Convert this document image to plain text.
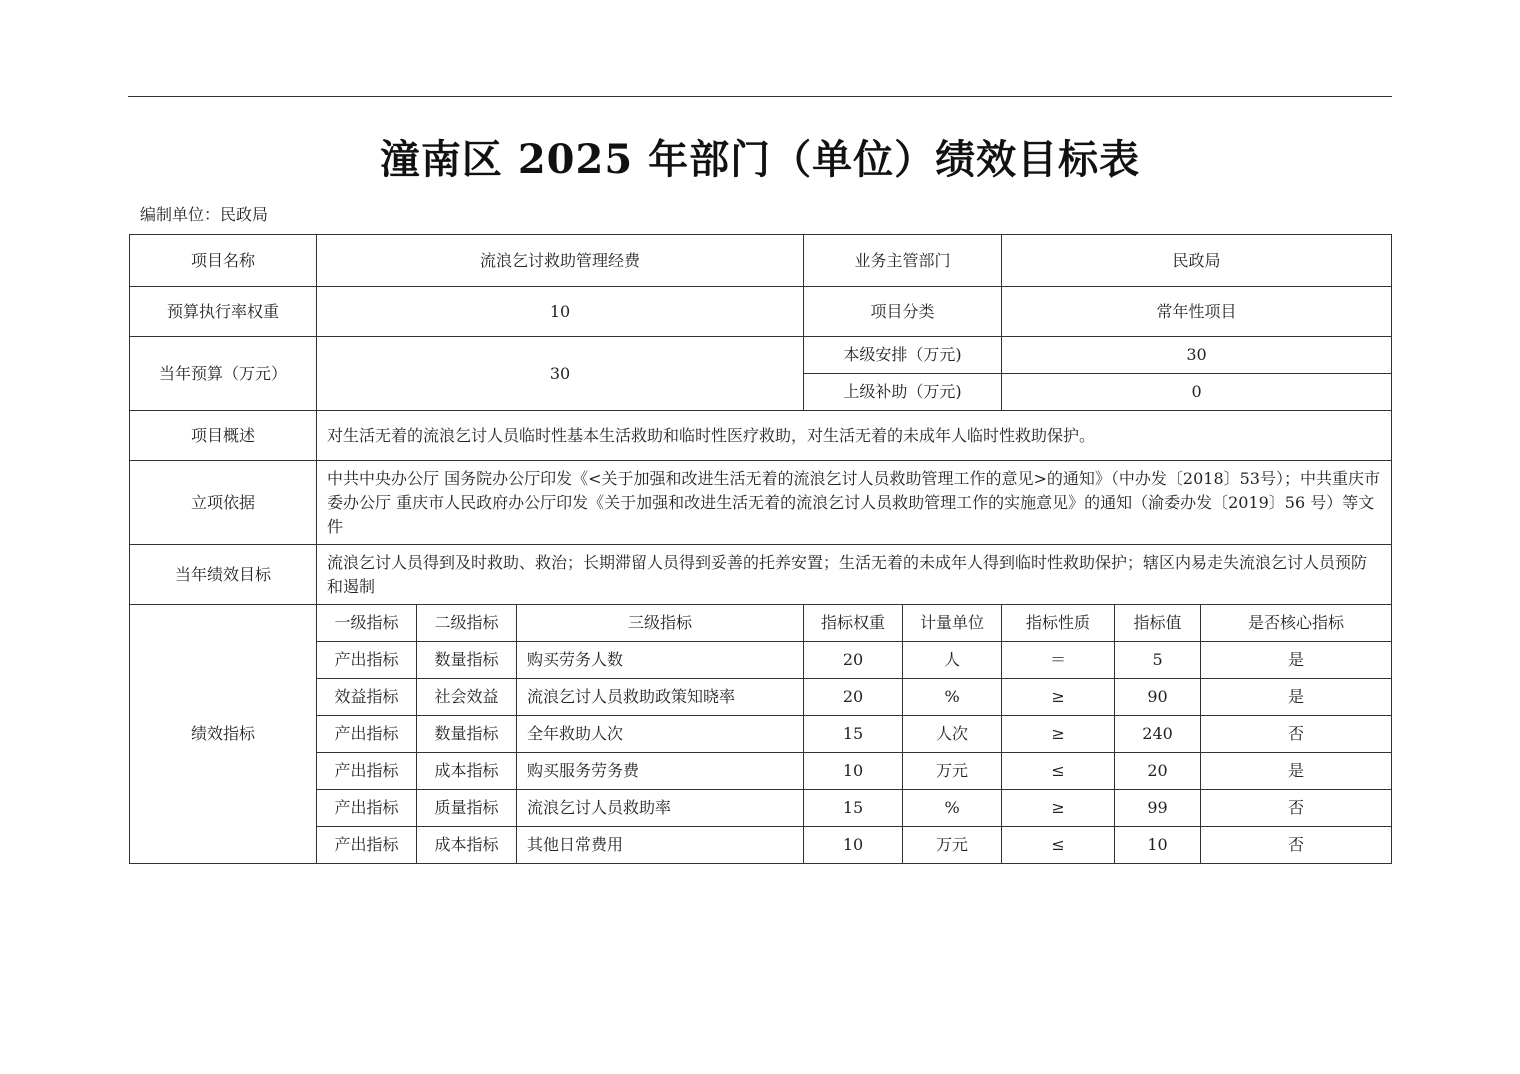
潼南区 2025 年部门（单位）绩效目标表
编制单位：民政局
项目名称	流浪乞讨救助管理经费			业务主管部门		民政局		
预算执行率权重	10			项目分类		常年性项目		
当年预算（万元）	30			本级安排（万元)		30		
				上级补助（万元)		0		
项目概述	对生活无着的流浪乞讨人员临时性基本生活救助和临时性医疗救助，对生活无着的未成年人临时性救助保护。							
立项依据	中共中央办公厅 国务院办公厅印发《<关于加强和改进生活无着的流浪乞讨人员救助管理工作的意见>的通知》（中办发〔2018〕53号）；中共重庆市委办公厅 重庆市人民政府办公厅印发《关于加强和改进生活无着的流浪乞讨人员救助管理工作的实施意见》的通知（渝委办发〔2019〕56 号）等文件							
当年绩效目标	流浪乞讨人员得到及时救助、救治；长期滞留人员得到妥善的托养安置；生活无着的未成年人得到临时性救助保护；辖区内易走失流浪乞讨人员预防和遏制							
绩效指标	一级指标	二级指标	三级指标	指标权重	计量单位	指标性质	指标值	是否核心指标
	产出指标	数量指标	购买劳务人数	20	人	＝	5	是
	效益指标	社会效益	流浪乞讨人员救助政策知晓率	20	%	≥	90	是
	产出指标	数量指标	全年救助人次	15	人次	≥	240	否
	产出指标	成本指标	购买服务劳务费	10	万元	≤	20	是
	产出指标	质量指标	流浪乞讨人员救助率	15	%	≥	99	否
	产出指标	成本指标	其他日常费用	10	万元	≤	10	否
